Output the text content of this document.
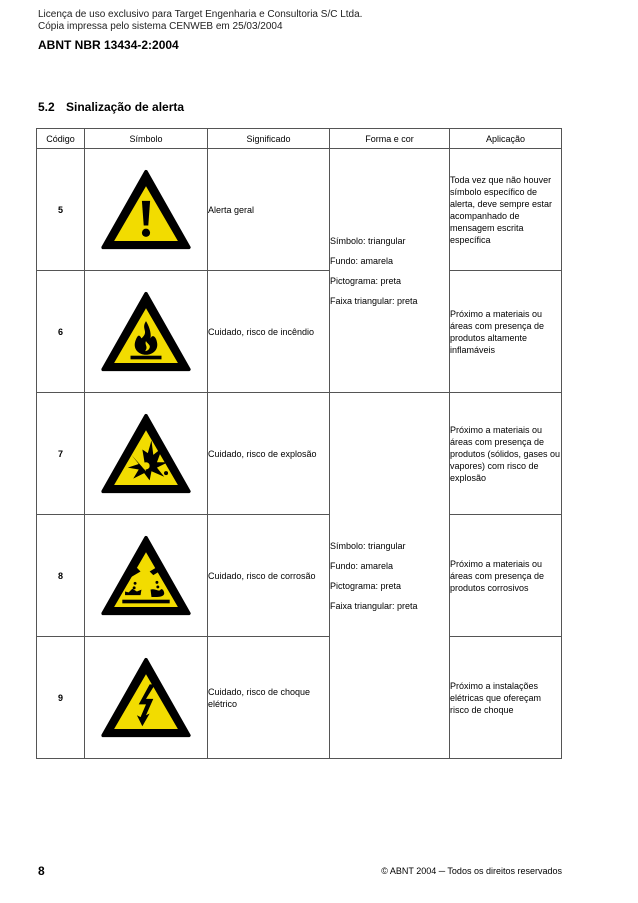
Licença de uso exclusivo para Target Engenharia e Consultoria S/C Ltda.
Cópia impressa pelo sistema CENWEB em 25/03/2004
ABNT NBR 13434-2:2004
5.2 Sinalização de alerta
Código	Símbolo	Significado	Forma e cor	Aplicação
5		Alerta geral	Símbolo: triangular
Fundo: amarela
Pictograma: preta
Faixa triangular: preta	Toda vez que não houver símbolo específico de alerta, deve sempre estar acompanhado de mensagem escrita específica
6		Cuidado, risco de incêndio		Próximo a materiais ou áreas com presença de produtos altamente inflamáveis
7		Cuidado, risco de explosão	Símbolo: triangular
Fundo: amarela
Pictograma: preta
Faixa triangular: preta	Próximo a materiais ou áreas com presença de produtos (sólidos, gases ou vapores) com risco de explosão
8		Cuidado, risco de corrosão		Próximo a materiais ou áreas com presença de produtos corrosivos
9		Cuidado, risco de choque elétrico		Próximo a instalações elétricas que ofereçam risco de choque
8	© ABNT 2004 ─ Todos os direitos reservados
